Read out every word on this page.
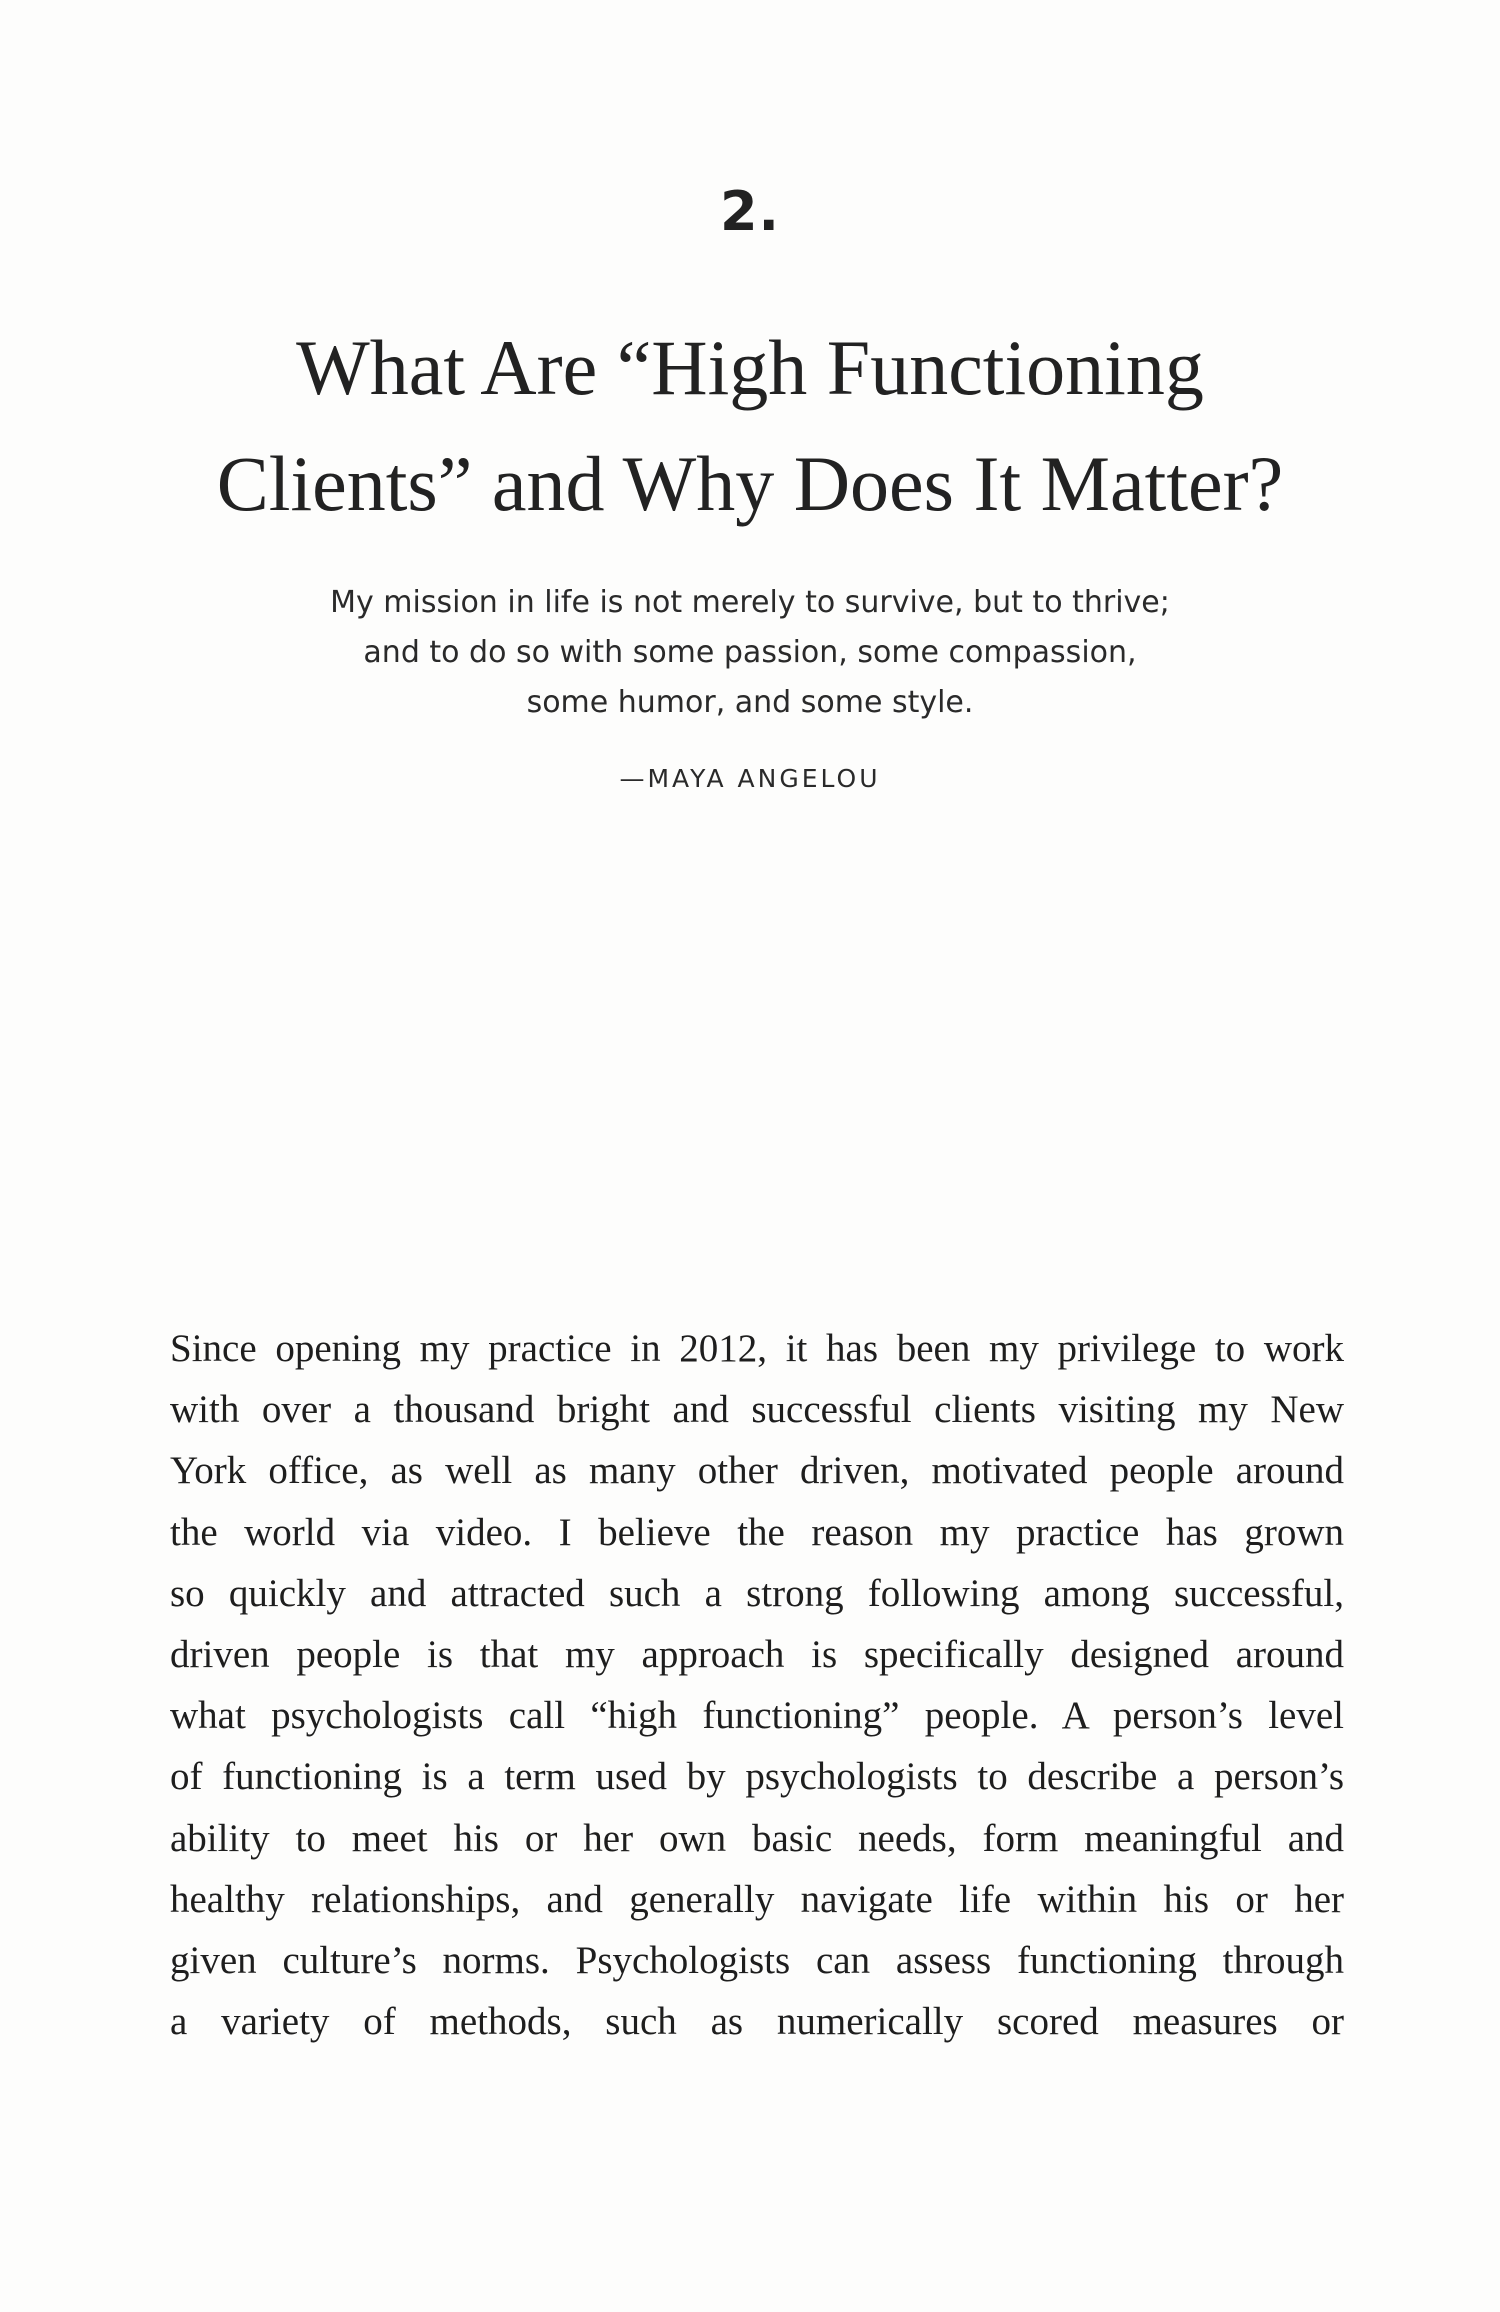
2.
What Are “High Functioning
Clients” and Why Does It Matter?
My mission in life is not merely to survive, but to thrive;
and to do so with some passion, some compassion,
some humor, and some style.
—MAYA ANGELOU
Since opening my practice in 2012, it has been my privilege to work
with over a thousand bright and successful clients visiting my New
York office, as well as many other driven, motivated people around
the world via video. I believe the reason my practice has grown
so quickly and attracted such a strong following among successful,
driven people is that my approach is specifically designed around
what psychologists call “high functioning” people. A person’s level
of functioning is a term used by psychologists to describe a person’s
ability to meet his or her own basic needs, form meaningful and
healthy relationships, and generally navigate life within his or her
given culture’s norms. Psychologists can assess functioning through
a variety of methods, such as numerically scored measures or
